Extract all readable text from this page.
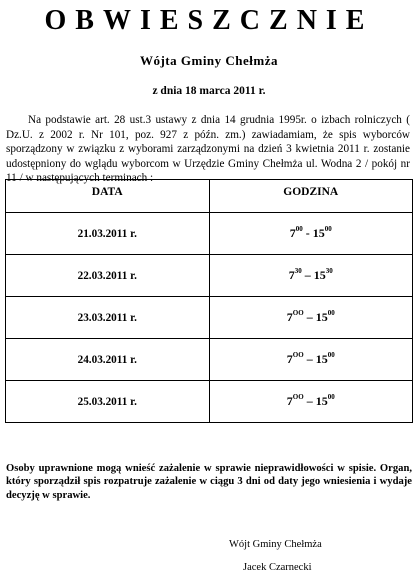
OBWIESZCZNIE
Wójta Gminy Chełmża
z dnia 18 marca 2011 r.
Na podstawie art. 28 ust.3 ustawy z dnia 14 grudnia 1995r. o izbach rolniczych ( Dz.U. z 2002 r. Nr 101, poz. 927 z późn. zm.) zawiadamiam, że spis wyborców sporządzony w związku z wyborami zarządzonymi na dzień 3 kwietnia 2011 r. zostanie udostępniony do wglądu wyborcom w Urzędzie Gminy Chełmża ul. Wodna 2 / pokój nr 11 / w następujących terminach :
DATA	GODZINA
21.03.2011 r.	$7^{00} - 15^{00}$
22.03.2011 r.	$7^{30} - 15^{30}$
23.03.2011 r.	$7^{OO} - 15^{00}$
24.03.2011 r.	$7^{OO} - 15^{00}$
25.03.2011 r.	$7^{OO} - 15^{00}$
Osoby uprawnione mogą wnieść zażalenie w sprawie nieprawidłowości w spisie. Organ, który sporządził spis rozpatruje zażalenie w ciągu 3 dni od daty jego wniesienia i wydaje decyzję w sprawie.
Wójt Gminy Chełmża
Jacek Czarnecki
